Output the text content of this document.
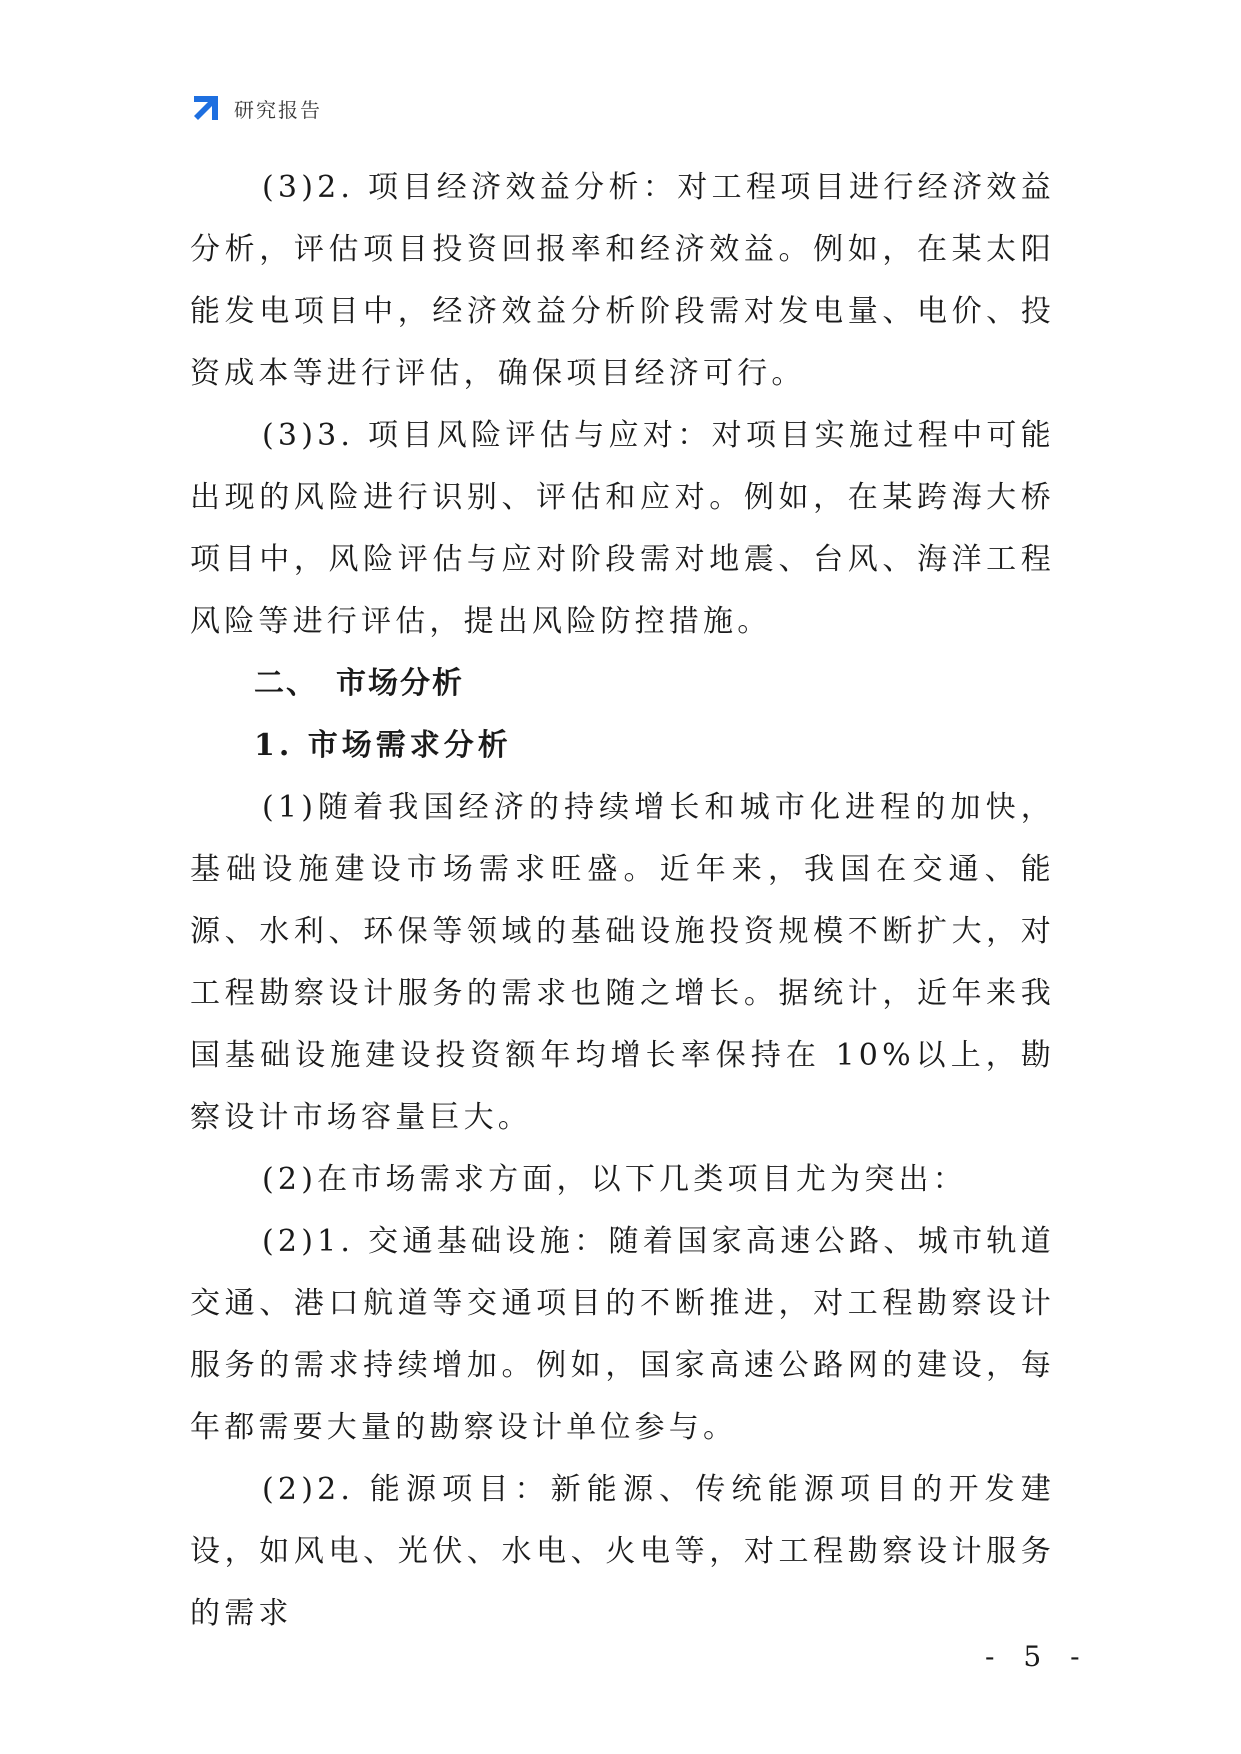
研究报告

(3)2. 项目经济效益分析：对工程项目进行经济效益分析，评估项目投资回报率和经济效益。例如，在某太阳能发电项目中，经济效益分析阶段需对发电量、电价、投资成本等进行评估，确保项目经济可行。

(3)3. 项目风险评估与应对：对项目实施过程中可能出现的风险进行识别、评估和应对。例如，在某跨海大桥项目中，风险评估与应对阶段需对地震、台风、海洋工程风险等进行评估，提出风险防控措施。

二、 市场分析
1. 市场需求分析

(1)随着我国经济的持续增长和城市化进程的加快，基础设施建设市场需求旺盛。近年来，我国在交通、能源、水利、环保等领域的基础设施投资规模不断扩大，对工程勘察设计服务的需求也随之增长。据统计，近年来我国基础设施建设投资额年均增长率保持在 10%以上，勘察设计市场容量巨大。

(2)在市场需求方面，以下几类项目尤为突出：

(2)1. 交通基础设施：随着国家高速公路、城市轨道交通、港口航道等交通项目的不断推进，对工程勘察设计服务的需求持续增加。例如，国家高速公路网的建设，每年都需要大量的勘察设计单位参与。

(2)2. 能源项目：新能源、传统能源项目的开发建设，如风电、光伏、水电、火电等，对工程勘察设计服务的需求

- 5 -
